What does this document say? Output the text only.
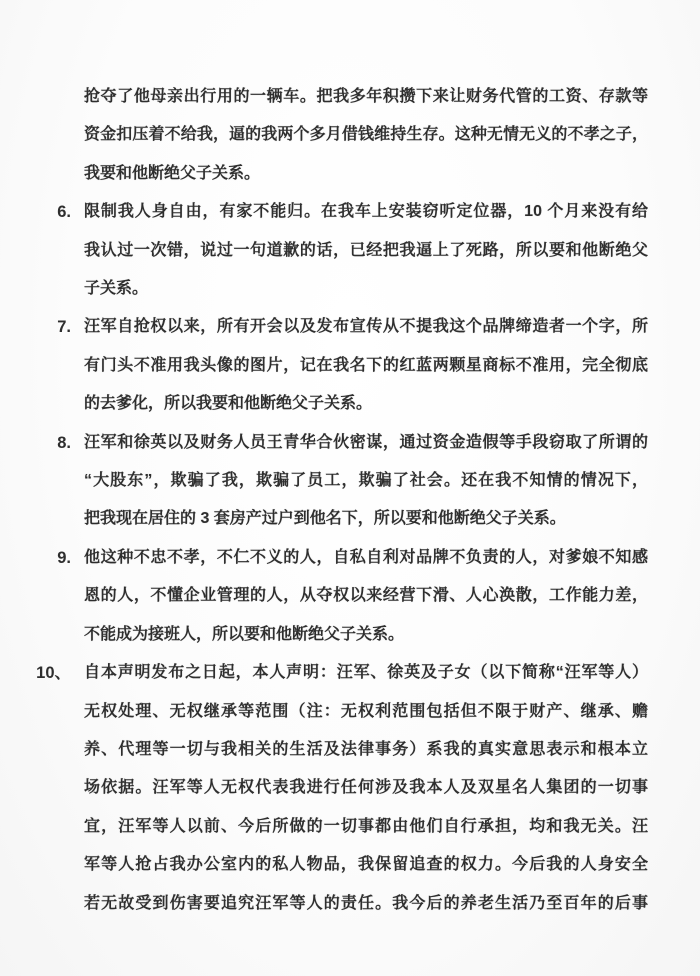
抢夺了他母亲出行用的一辆车。把我多年积攒下来让财务代管的工资、存款等
资金扣压着不给我，逼的我两个多月借钱维持生存。这种无情无义的不孝之子，
我要和他断绝父子关系。
6. 限制我人身自由，有家不能归。在我车上安装窃听定位器，10 个月来没有给
我认过一次错，说过一句道歉的话，已经把我逼上了死路，所以要和他断绝父
子关系。
7. 汪军自抢权以来，所有开会以及发布宣传从不提我这个品牌缔造者一个字，所
有门头不准用我头像的图片，记在我名下的红蓝两颗星商标不准用，完全彻底
的去爹化，所以我要和他断绝父子关系。
8. 汪军和徐英以及财务人员王青华合伙密谋，通过资金造假等手段窃取了所谓的
“大股东”，欺骗了我，欺骗了员工，欺骗了社会。还在我不知情的情况下，
把我现在居住的 3 套房产过户到他名下，所以要和他断绝父子关系。
9. 他这种不忠不孝，不仁不义的人，自私自利对品牌不负责的人，对爹娘不知感
恩的人，不懂企业管理的人，从夺权以来经营下滑、人心涣散，工作能力差，
不能成为接班人，所以要和他断绝父子关系。
10、 自本声明发布之日起，本人声明：汪军、徐英及子女（以下简称“汪军等人）
无权处理、无权继承等范围（注：无权利范围包括但不限于财产、继承、赡
养、代理等一切与我相关的生活及法律事务）系我的真实意思表示和根本立
场依据。汪军等人无权代表我进行任何涉及我本人及双星名人集团的一切事
宜，汪军等人以前、今后所做的一切事都由他们自行承担，均和我无关。汪
军等人抢占我办公室内的私人物品，我保留追查的权力。今后我的人身安全
若无故受到伤害要追究汪军等人的责任。我今后的养老生活乃至百年的后事
